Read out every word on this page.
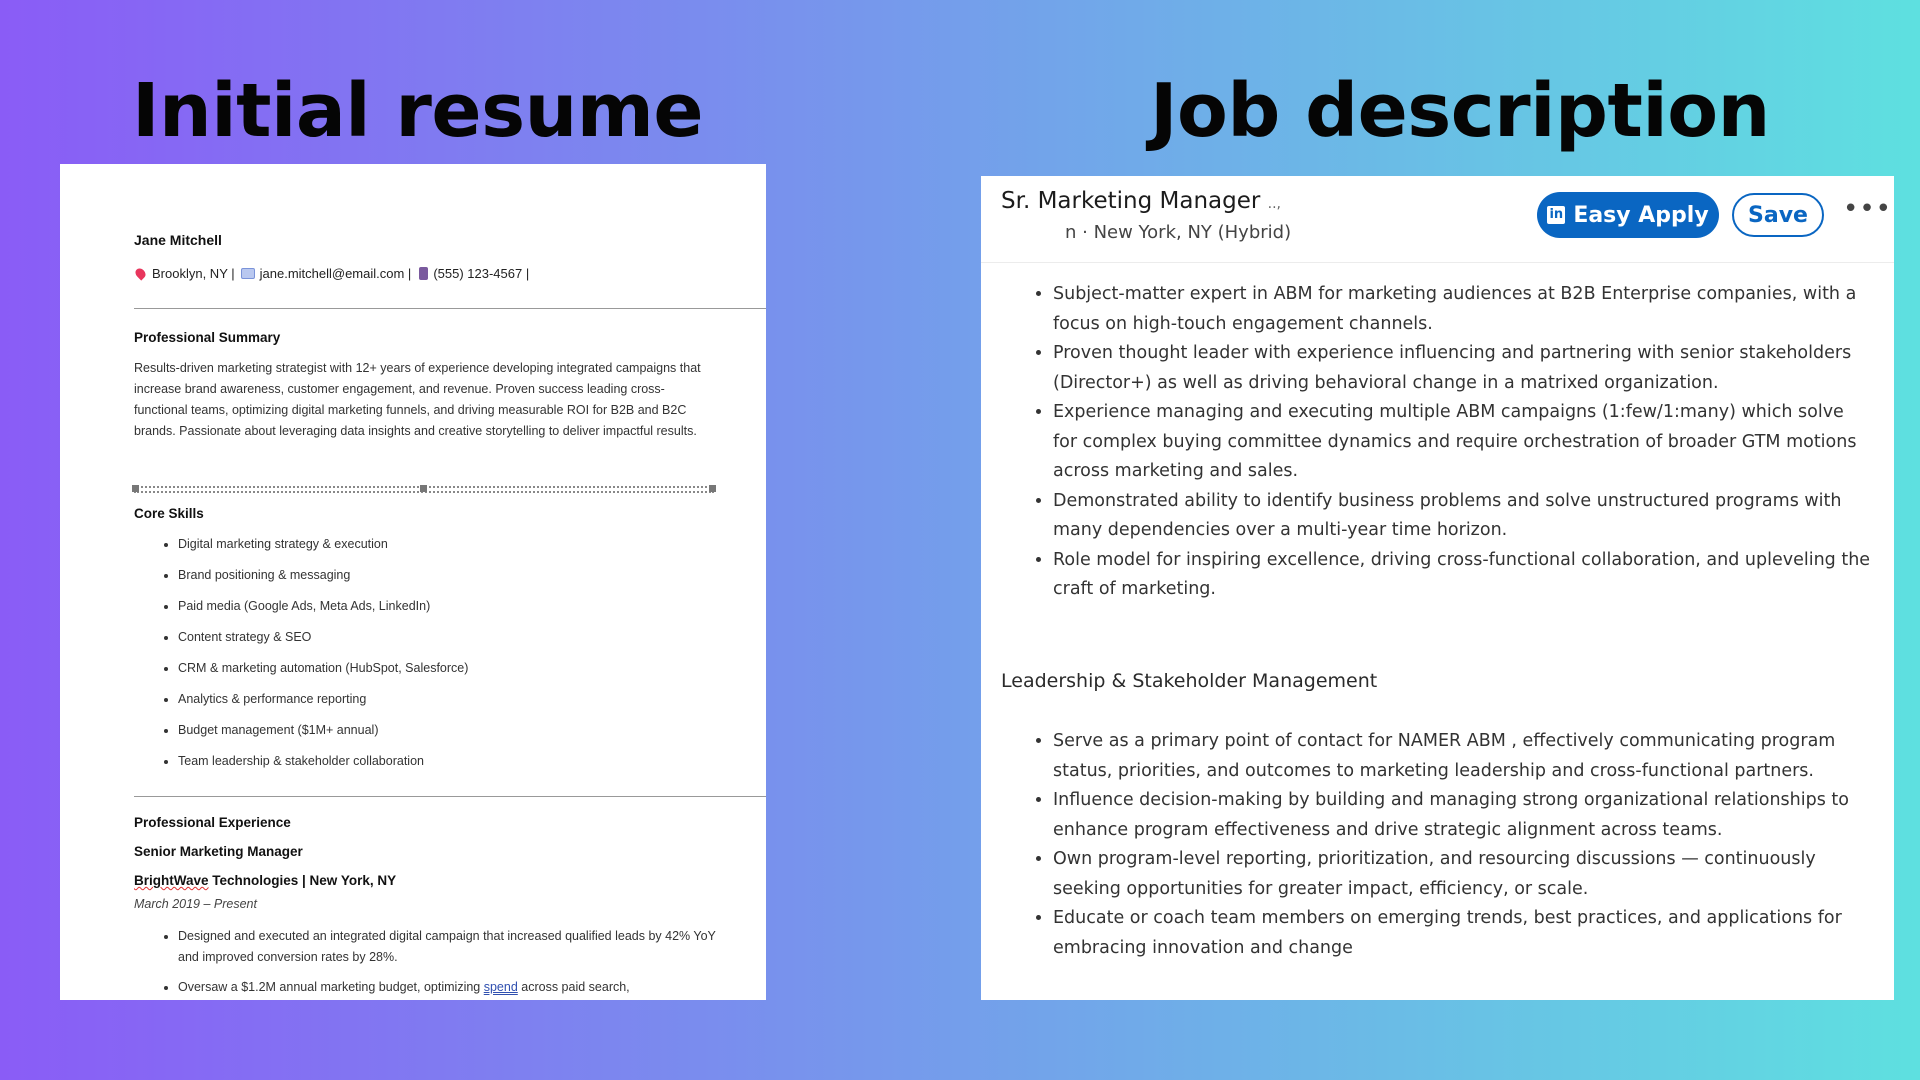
Initial resume	Job description
Jane Mitchell
Brooklyn, NY | jane.mitchell@email.com | (555) 123-4567 |
Professional Summary
Results-driven marketing strategist with 12+ years of experience developing integrated campaigns that increase brand awareness, customer engagement, and revenue. Proven success leading cross-functional teams, optimizing digital marketing funnels, and driving measurable ROI for B2B and B2C brands. Passionate about leveraging data insights and creative storytelling to deliver impactful results.
Core Skills
• Digital marketing strategy & execution
• Brand positioning & messaging
• Paid media (Google Ads, Meta Ads, LinkedIn)
• Content strategy & SEO
• CRM & marketing automation (HubSpot, Salesforce)
• Analytics & performance reporting
• Budget management ($1M+ annual)
• Team leadership & stakeholder collaboration
Professional Experience
Senior Marketing Manager
BrightWave Technologies | New York, NY
March 2019 – Present
• Designed and executed an integrated digital campaign that increased qualified leads by 42% YoY and improved conversion rates by 28%.
• Oversaw a $1.2M annual marketing budget, optimizing spend across paid search,
Sr. Marketing Manager ..,
n · New York, NY (Hybrid)
in Easy Apply	Save	•••
• Subject-matter expert in ABM for marketing audiences at B2B Enterprise companies, with a focus on high-touch engagement channels.
• Proven thought leader with experience influencing and partnering with senior stakeholders (Director+) as well as driving behavioral change in a matrixed organization.
• Experience managing and executing multiple ABM campaigns (1:few/1:many) which solve for complex buying committee dynamics and require orchestration of broader GTM motions across marketing and sales.
• Demonstrated ability to identify business problems and solve unstructured programs with many dependencies over a multi-year time horizon.
• Role model for inspiring excellence, driving cross-functional collaboration, and upleveling the craft of marketing.
Leadership & Stakeholder Management
• Serve as a primary point of contact for NAMER ABM , effectively communicating program status, priorities, and outcomes to marketing leadership and cross-functional partners.
• Influence decision-making by building and managing strong organizational relationships to enhance program effectiveness and drive strategic alignment across teams.
• Own program-level reporting, prioritization, and resourcing discussions — continuously seeking opportunities for greater impact, efficiency, or scale.
• Educate or coach team members on emerging trends, best practices, and applications for embracing innovation and change
